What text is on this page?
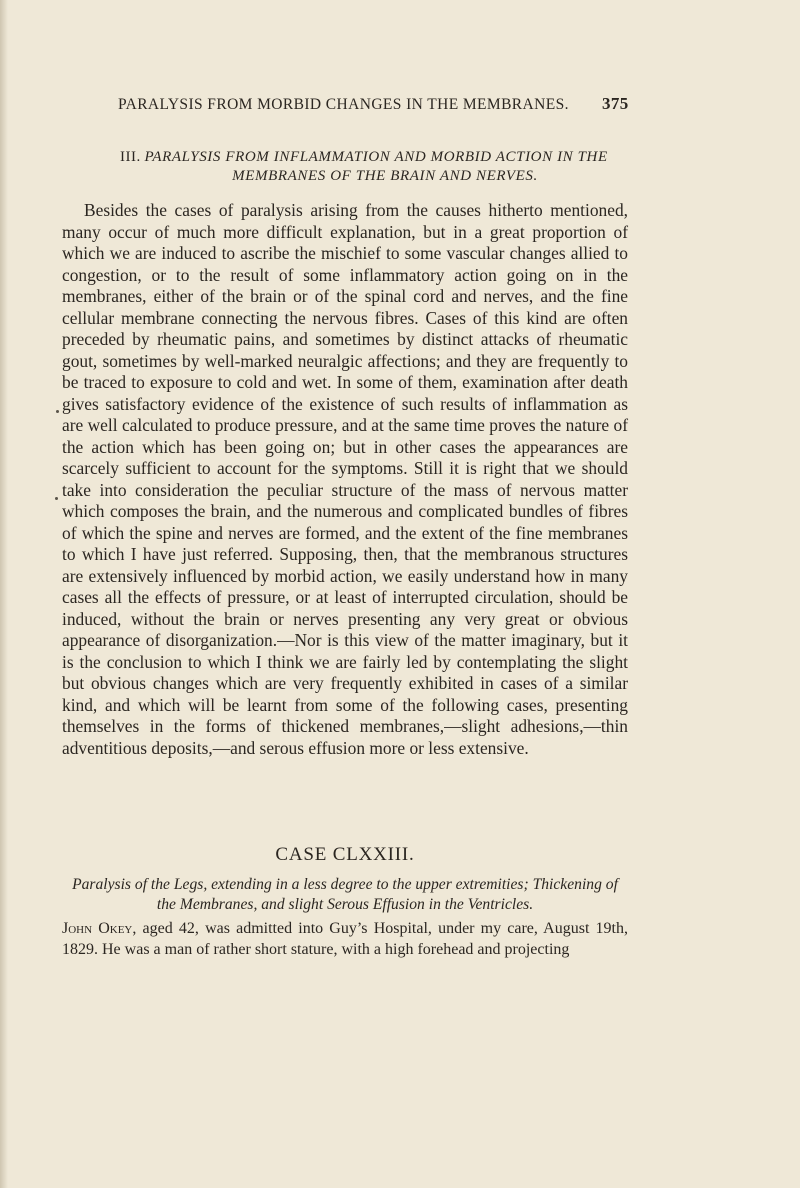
PARALYSIS FROM MORBID CHANGES IN THE MEMBRANES. 375
III. PARALYSIS FROM INFLAMMATION AND MORBID ACTION IN THE
MEMBRANES OF THE BRAIN AND NERVES.

Besides the cases of paralysis arising from the causes hitherto mentioned, many occur of much more difficult explanation, but in a great proportion of which we are induced to ascribe the mischief to some vascular changes allied to congestion, or to the result of some inflammatory action going on in the membranes, either of the brain or of the spinal cord and nerves, and the fine cellular membrane connecting the nervous fibres. Cases of this kind are often preceded by rheumatic pains, and sometimes by distinct attacks of rheumatic gout, sometimes by well-marked neuralgic affections; and they are frequently to be traced to exposure to cold and wet. In some of them, examination after death gives satisfactory evidence of the existence of such results of inflammation as are well calculated to produce pressure, and at the same time proves the nature of the action which has been going on; but in other cases the appearances are scarcely sufficient to account for the symptoms. Still it is right that we should take into consideration the peculiar structure of the mass of nervous matter which composes the brain, and the numerous and complicated bundles of fibres of which the spine and nerves are formed, and the extent of the fine membranes to which I have just referred. Supposing, then, that the membranous structures are extensively influenced by morbid action, we easily understand how in many cases all the effects of pressure, or at least of interrupted circulation, should be induced, without the brain or nerves presenting any very great or obvious appearance of disorganization.—Nor is this view of the matter imaginary, but it is the conclusion to which I think we are fairly led by contemplating the slight but obvious changes which are very frequently exhibited in cases of a similar kind, and which will be learnt from some of the following cases, presenting themselves in the forms of thickened membranes,—slight adhesions,—thin adventitious deposits,—and serous effusion more or less extensive.

CASE CLXXIII.
Paralysis of the Legs, extending in a less degree to the upper extremities; Thickening of the Membranes, and slight Serous Effusion in the Ventricles.

John Okey, aged 42, was admitted into Guy’s Hospital, under my care, August 19th, 1829. He was a man of rather short stature, with a high forehead and projecting
